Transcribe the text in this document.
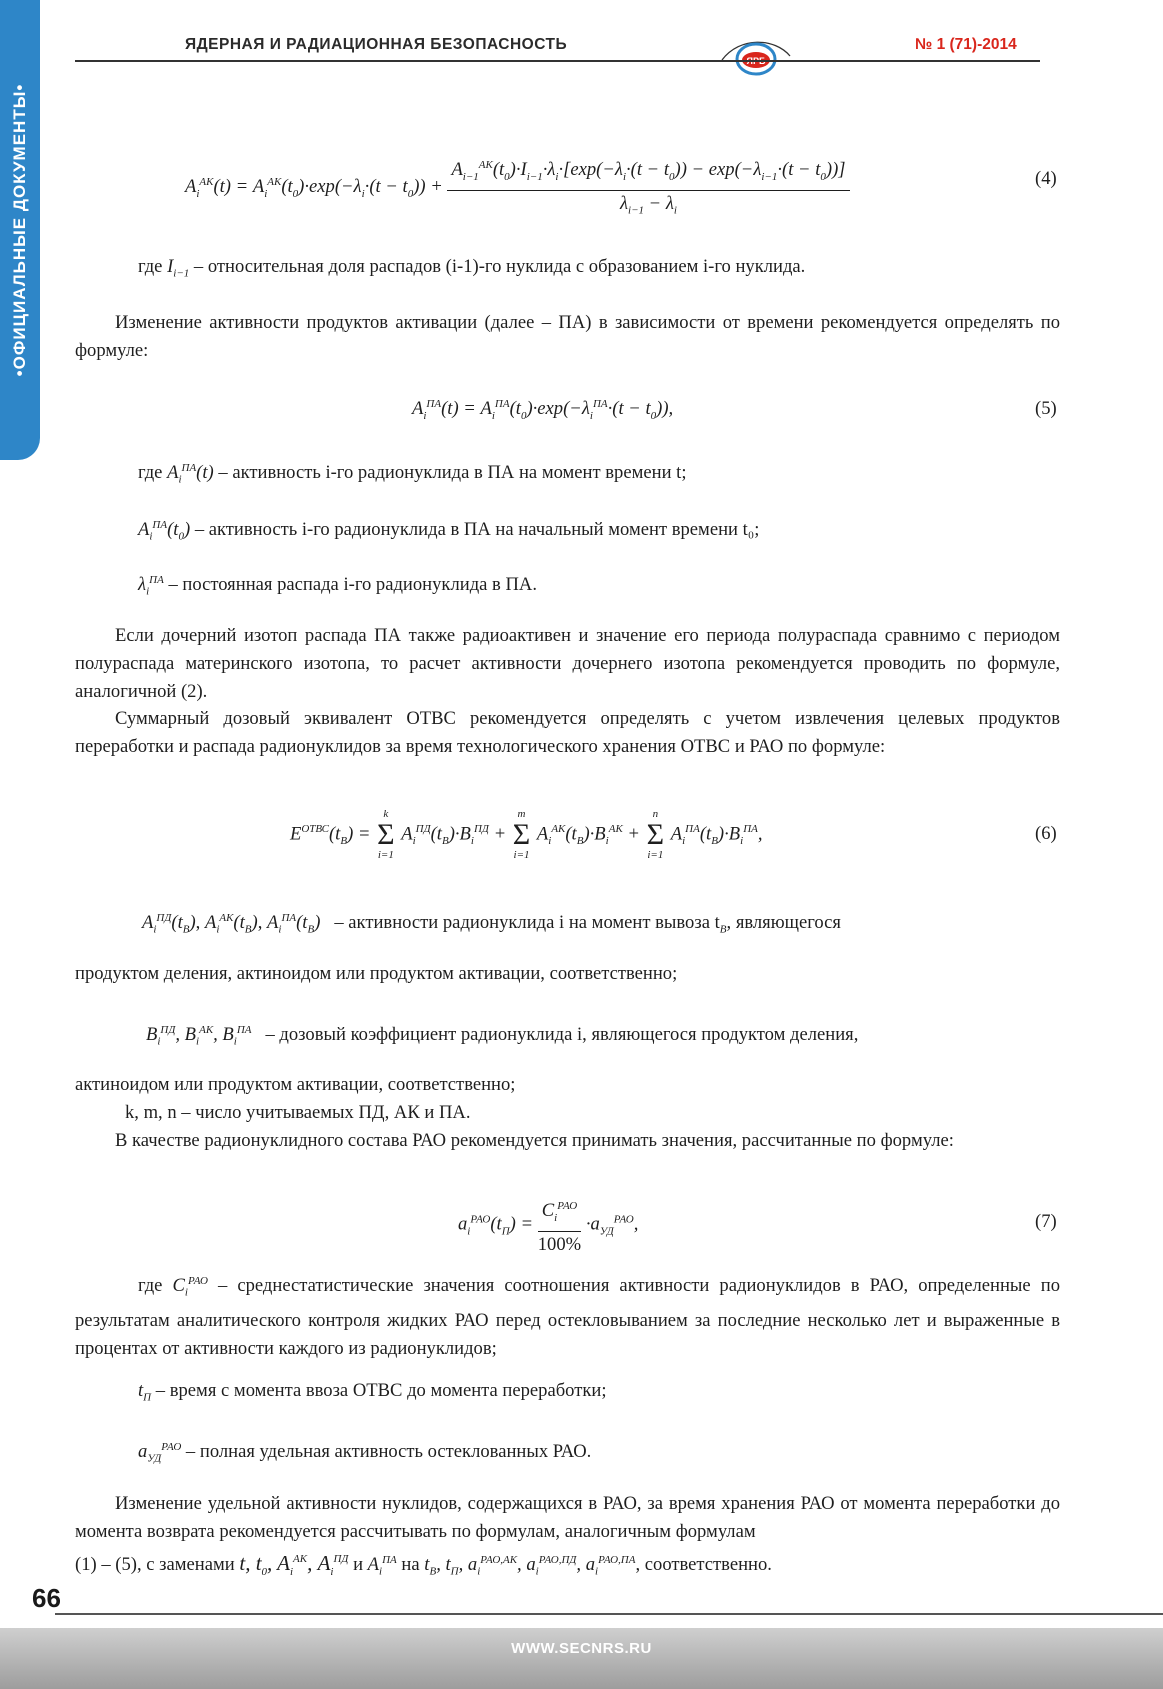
•ОФИЦИАЛЬНЫЕ ДОКУМЕНТЫ•
ЯДЕРНАЯ И РАДИАЦИОННАЯ БЕЗОПАСНОСТЬ	№ 1 (71)-2014
$A_i^{АК}(t) = A_i^{АК}(t_0)\cdot\exp(-\lambda_i\cdot(t - t_0)) + \frac{A_{i-1}^{АК}(t_0)\cdot I_{i-1}\cdot\lambda_i\cdot[\exp(-\lambda_i\cdot(t - t_0)) - \exp(-\lambda_{i-1}\cdot(t - t_0))]}{\lambda_{i-1} - \lambda_i}$	(4)
где $I_{i-1}$ – относительная доля распадов (i-1)-го нуклида с образованием i-го нуклида.

Изменение активности продуктов активации (далее – ПА) в зависимости от времени рекомендуется определять по формуле:

$A_i^{ПА}(t) = A_i^{ПА}(t_0)\cdot\exp(-\lambda_i^{ПА}\cdot(t - t_0))$,	(5)
где $A_i^{ПА}(t)$ – активность i-го радионуклида в ПА на момент времени t;
$A_i^{ПА}(t_0)$ – активность i-го радионуклида в ПА на начальный момент времени t₀;
$\lambda_i^{ПА}$ – постоянная распада i-го радионуклида в ПА.

Если дочерний изотоп распада ПА также радиоактивен и значение его периода полураспада сравнимо с периодом полураспада материнского изотопа, то расчет активности дочернего изотопа рекомендуется проводить по формуле, аналогичной (2).

Суммарный дозовый эквивалент ОТВС рекомендуется определять с учетом извлечения целевых продуктов переработки и распада радионуклидов за время технологического хранения ОТВС и РАО по формуле:

$E^{ОТВС}(t_B)$ =
k
Σ
i=1
$A_i^{ПД}(t_B)\cdot B_i^{ПД}$ +
m
Σ
i=1
$A_i^{АК}(t_B)\cdot B_i^{АК}$ +
n
Σ
i=1
$A_i^{ПА}(t_B)\cdot B_i^{ПА}$,	(6)
$A_i^{ПД}(t_B)$, $A_i^{АК}(t_B)$, $A_i^{ПА}(t_B)$ – активности радионуклида i на момент вывоза $t_B$, являющегося
продуктом деления, актиноидом или продуктом активации, соответственно;
$B_i^{ПД}$, $B_i^{АК}$, $B_i^{ПА}$ – дозовый коэффициент радионуклида i, являющегося продуктом деления,
актиноидом или продуктом активации, соответственно;
k, m, n – число учитываемых ПД, АК и ПА.

В качестве радионуклидного состава РАО рекомендуется принимать значения, рассчитанные по формуле:

$a_i^{РАО}(t_П) = \frac{C_i^{РАО}}{100\%} \cdot a_{УД}^{РАО}$,	(7)
где $C_i^{РАО}$ – среднестатистические значения соотношения активности радионуклидов в РАО, определенные по результатам аналитического контроля жидких РАО перед остекловыванием за последние несколько лет и выраженные в процентах от активности каждого из радионуклидов;
$t_П$ – время с момента ввоза ОТВС до момента переработки;
$a_{УД}^{РАО}$ – полная удельная активность остеклованных РАО.

Изменение удельной активности нуклидов, содержащихся в РАО, за время хранения РАО от момента переработки до момента возврата рекомендуется рассчитывать по формулам, аналогичным формулам

(1) – (5), с заменами t, $t_0$, $A_i^{АК}$, $A_i^{ПД}$ и $A_i^{ПА}$ на $t_B$, $t_П$, $a_i^{РАО,АК}$, $a_i^{РАО,ПД}$, $a_i^{РАО,ПА}$, соответственно.
66
WWW.SECNRS.RU
